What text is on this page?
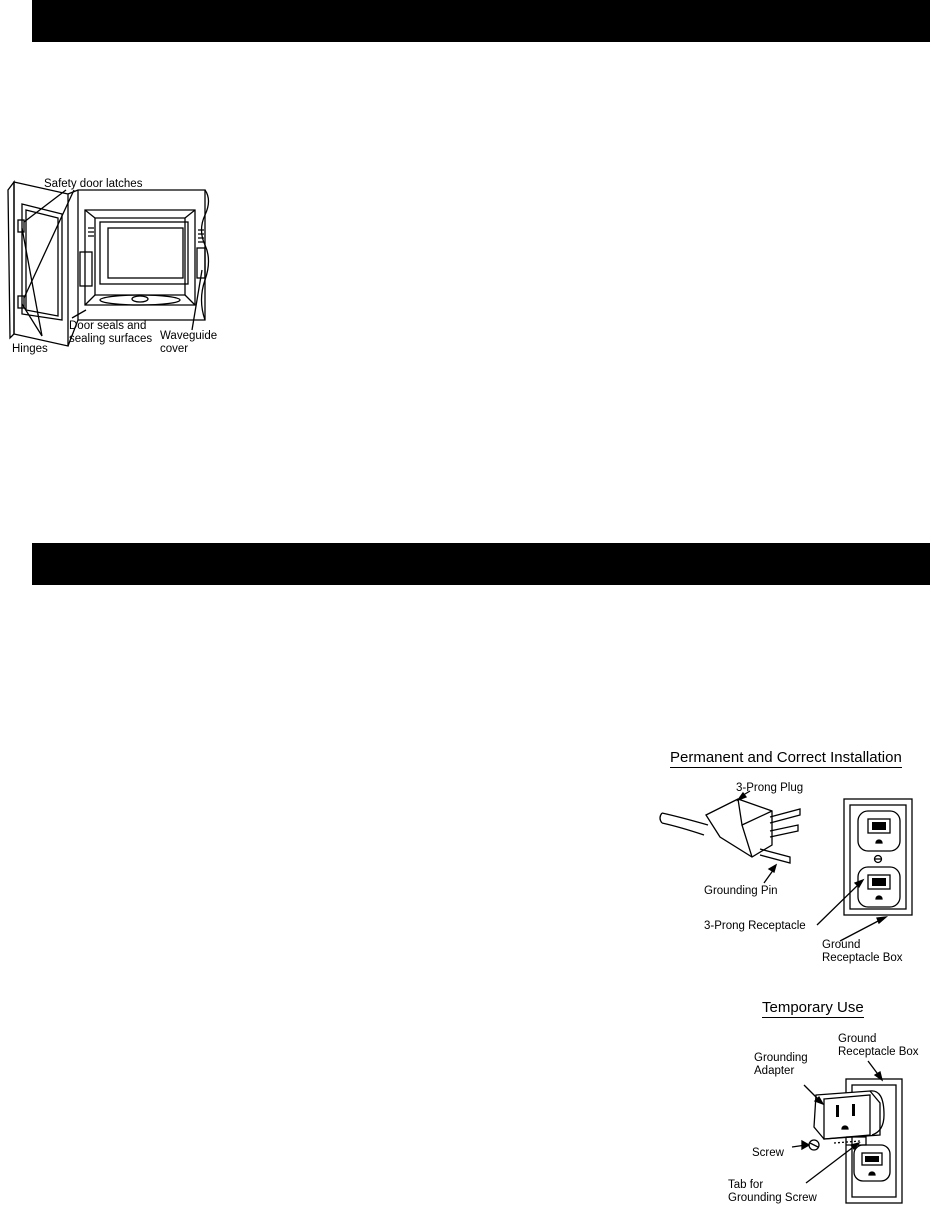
Safety door latches
Hinges
Door seals and
sealing surfaces Waveguide
cover
Permanent and Correct Installation
3-Prong Plug
Grounding Pin
3-Prong Receptacle
Ground
Receptacle Box
Temporary Use
Ground
Receptacle Box
Grounding
Adapter
Screw
Tab for
Grounding Screw
